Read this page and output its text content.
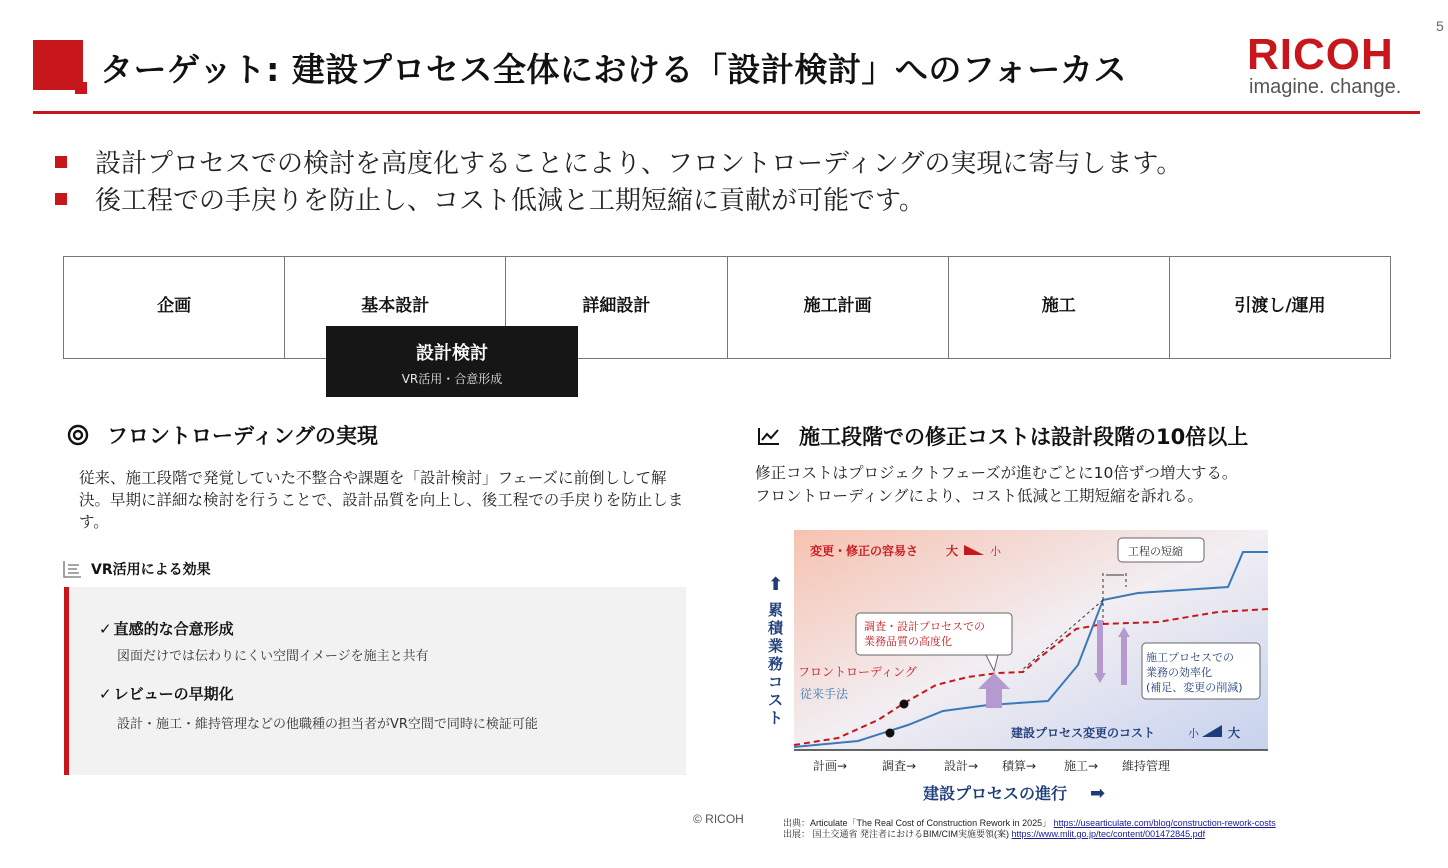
5
ターゲット: 建設プロセス全体における「設計検討」へのフォーカス	RICOH
imagine. change.
設計プロセスでの検討を高度化することにより、フロントローディングの実現に寄与します。
後工程での手戻りを防止し、コスト低減と工期短縮に貢献が可能です。
企画	基本設計	詳細設計	施工計画	施工	引渡し/運用
設計検討
VR活用・合意形成
フロントローディングの実現
従来、施工段階で発覚していた不整合や課題を「設計検討」フェーズに前倒しして解決。早期に詳細な検討を行うことで、設計品質を向上し、後工程での手戻りを防止します。
VR活用による効果
✓ 直感的な合意形成
図面だけでは伝わりにくい空間イメージを施主と共有
✓ レビューの早期化
設計・施工・維持管理などの他職種の担当者がVR空間で同時に検証可能
施工段階での修正コストは設計段階の10倍以上
修正コストはプロジェクトフェーズが進むごとに10倍ずつ増大する。
フロントローディングにより、コスト低減と工期短縮を訴れる。
変更・修正の容易さ 大	小
⬆
累
積
業
務
コ
ス
ト
調査・設計プロセスでの
業務品質の高度化
工程の短縮
施工プロセスでの
業務の効率化
(補足、変更の削減)
フロントローディング
従来手法
建設プロセス変更のコスト	小 大
計画→	調査→ 設計→ 積算→ 施工→ 維持管理
建設プロセスの進行 ➡
© RICOH	出典：Articulate「The Real Cost of Construction Rework in 2025」 https://usearticulate.com/blog/construction-rework-costs
出展： 国土交通省 発注者におけるBIM/CIM実施要領(案) https://www.mlit.go.jp/tec/content/001472845.pdf
